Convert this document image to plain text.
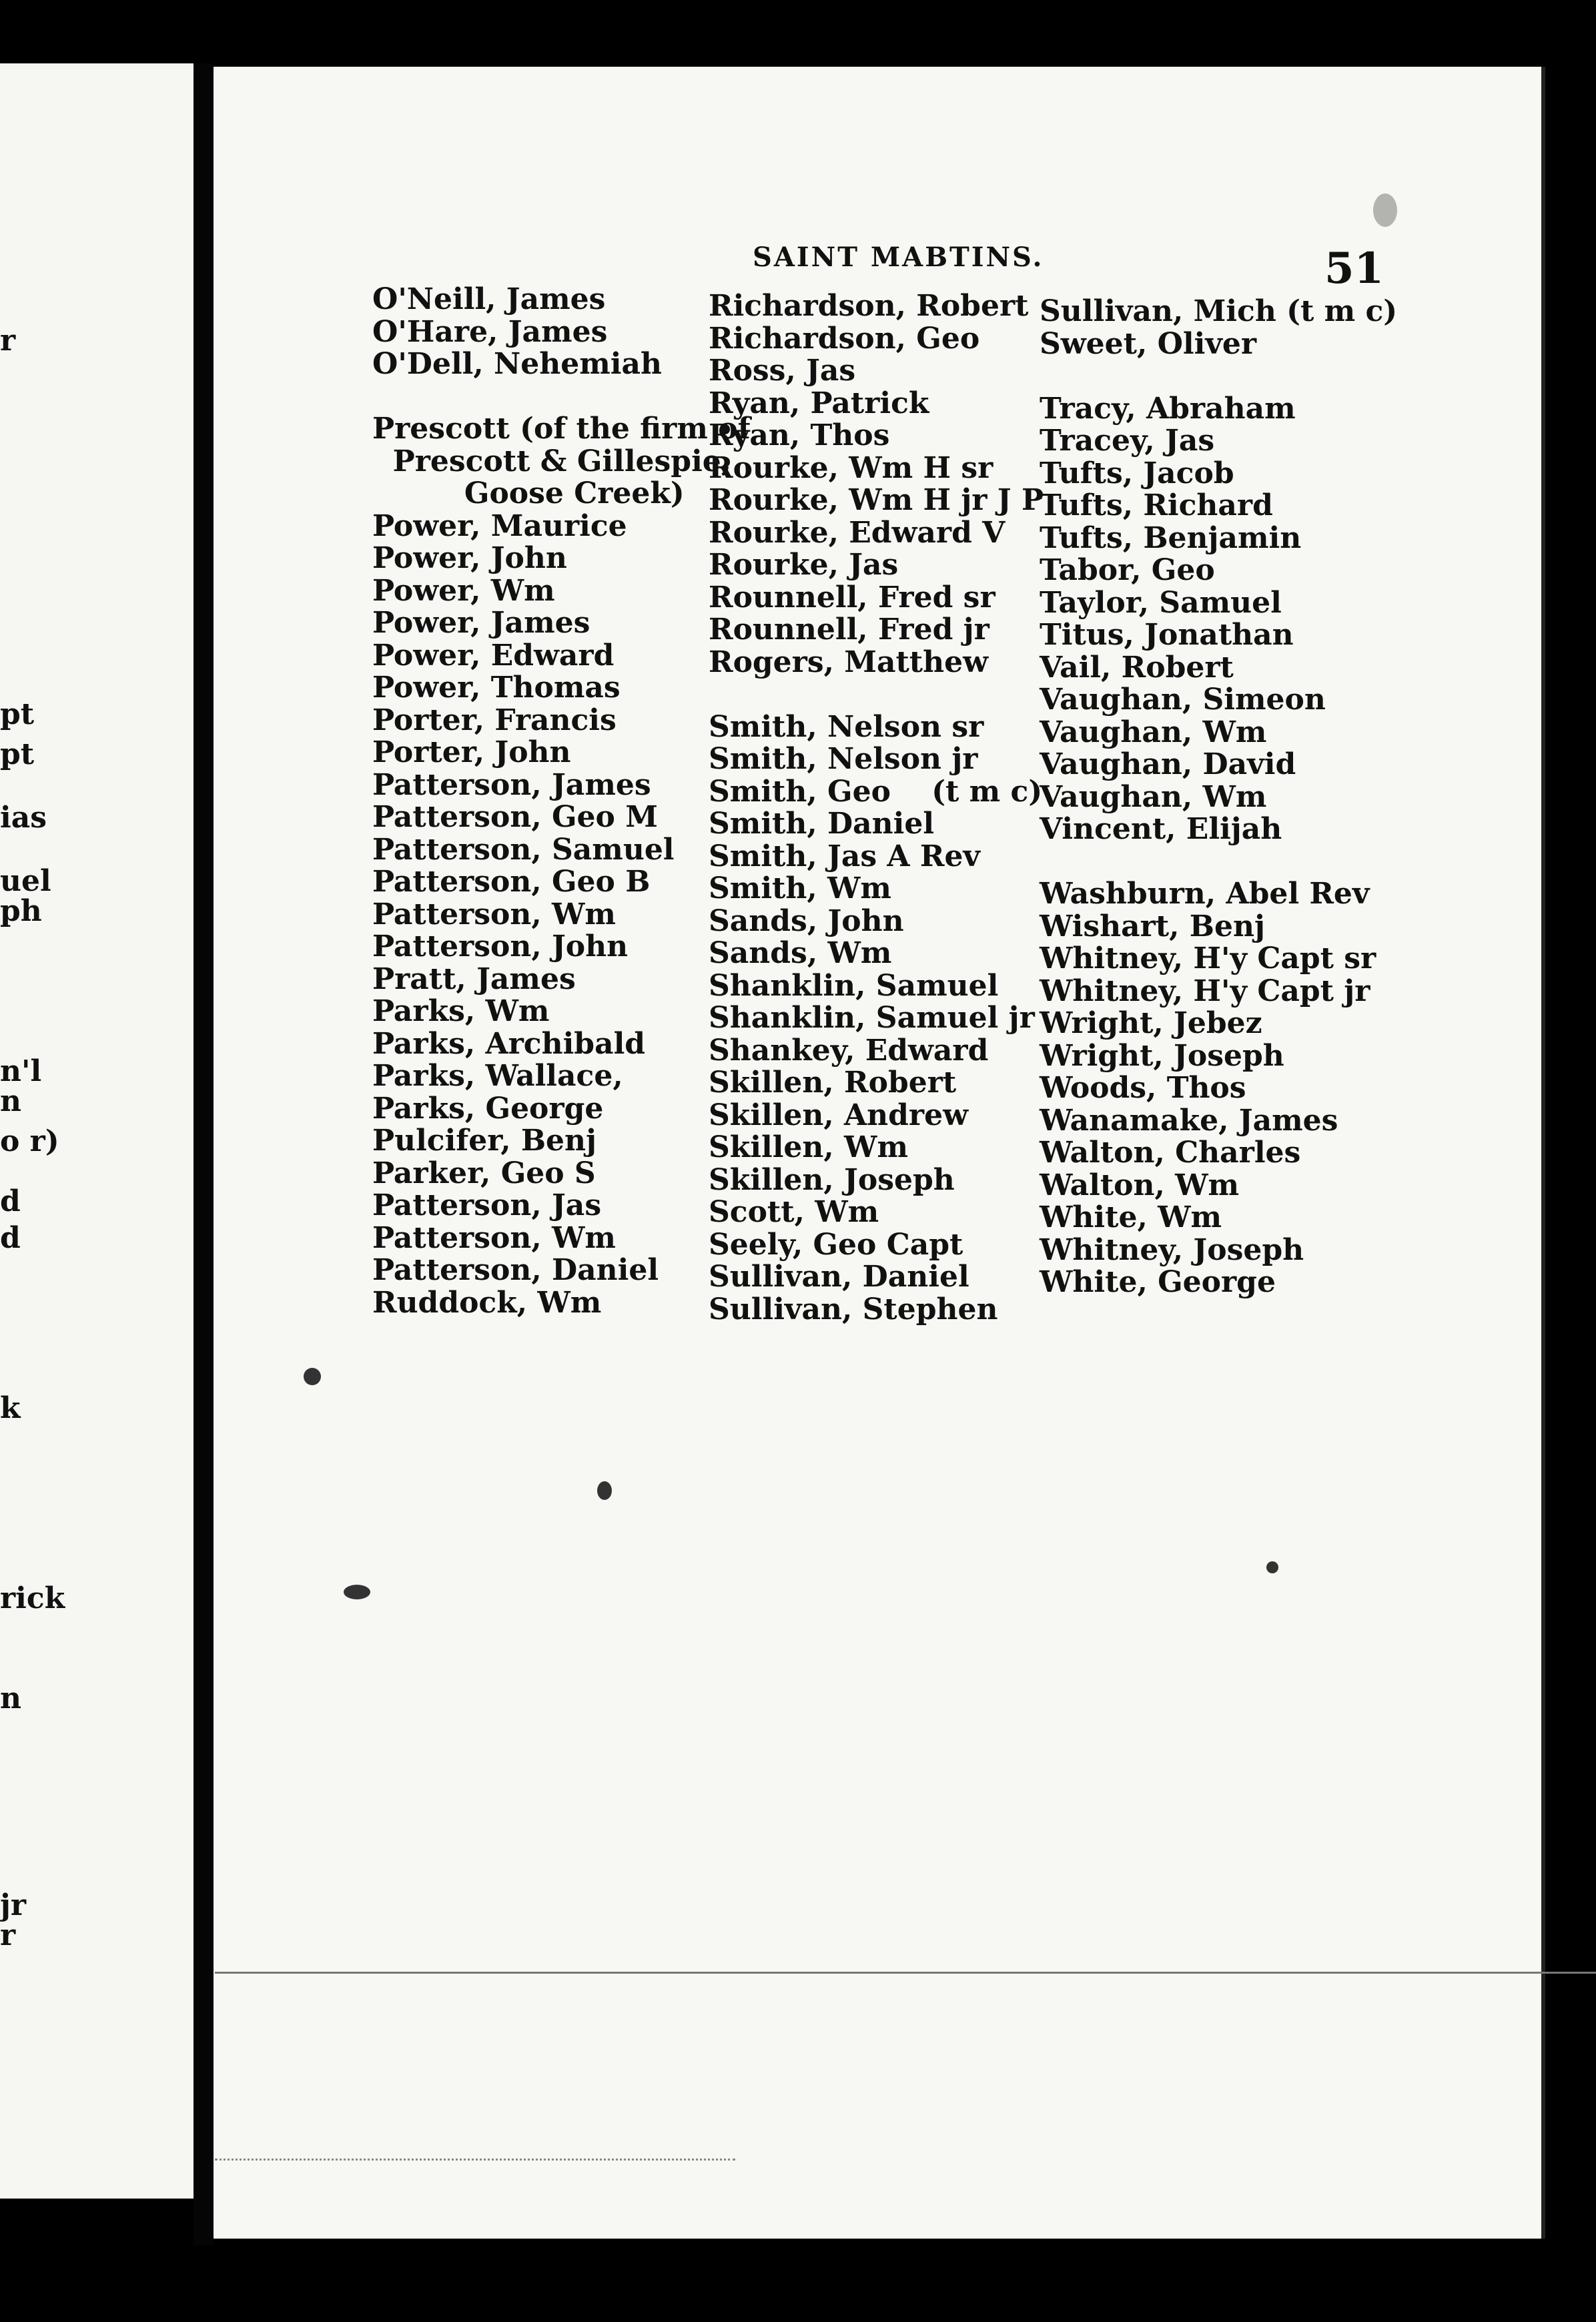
r
pt
pt
ias
uel
ph
n'l
n
o r)
d
d
k
rick
n
jr
r
SAINT MABTINS.	51
O'Neill, James
O'Hare, James
O'Dell, Nehemiah
Prescott (of the firm of
Prescott & Gillespie,
Goose Creek)
Power, Maurice
Power, John
Power, Wm
Power, James
Power, Edward
Power, Thomas
Porter, Francis
Porter, John
Patterson, James
Patterson, Geo M
Patterson, Samuel
Patterson, Geo B
Patterson, Wm
Patterson, John
Pratt, James
Parks, Wm
Parks, Archibald
Parks, Wallace,
Parks, George
Pulcifer, Benj
Parker, Geo S
Patterson, Jas
Patterson, Wm
Patterson, Daniel
Ruddock, Wm
Richardson, Robert
Richardson, Geo
Ross, Jas
Ryan, Patrick
Ryan, Thos
Rourke, Wm H sr
Rourke, Wm H jr J P
Rourke, Edward V
Rourke, Jas
Rounnell, Fred sr
Rounnell, Fred jr
Rogers, Matthew
Smith, Nelson sr
Smith, Nelson jr
Smith, Geo    (t m c)
Smith, Daniel
Smith, Jas A Rev
Smith, Wm
Sands, John
Sands, Wm
Shanklin, Samuel
Shanklin, Samuel jr
Shankey, Edward
Skillen, Robert
Skillen, Andrew
Skillen, Wm
Skillen, Joseph
Scott, Wm
Seely, Geo Capt
Sullivan, Daniel
Sullivan, Stephen
Sullivan, Mich (t m c)
Sweet, Oliver
Tracy, Abraham
Tracey, Jas
Tufts, Jacob
Tufts, Richard
Tufts, Benjamin
Tabor, Geo
Taylor, Samuel
Titus, Jonathan
Vail, Robert
Vaughan, Simeon
Vaughan, Wm
Vaughan, David
Vaughan, Wm
Vincent, Elijah
Washburn, Abel Rev
Wishart, Benj
Whitney, H'y Capt sr
Whitney, H'y Capt jr
Wright, Jebez
Wright, Joseph
Woods, Thos
Wanamake, James
Walton, Charles
Walton, Wm
White, Wm
Whitney, Joseph
White, George
